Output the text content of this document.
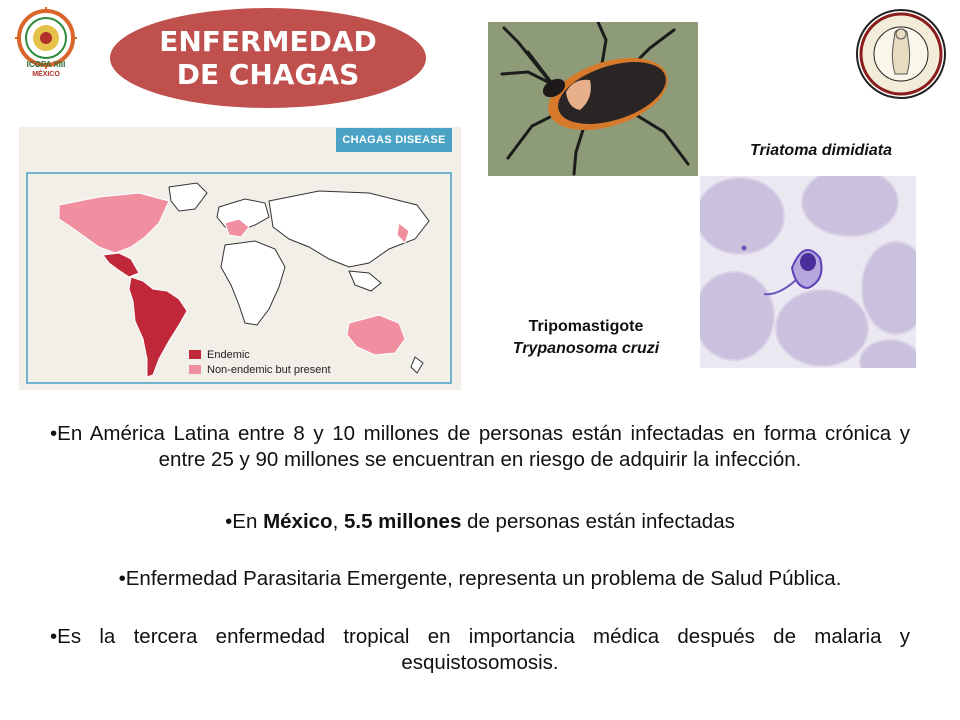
ICOPA XIII
MÉXICO
ENFERMEDAD
DE CHAGAS
Endemic
Non-endemic but present
CHAGAS DISEASE
Triatoma dimidiata
Tripomastigote
Trypanosoma cruzi
•En América Latina entre 8 y 10 millones de personas están infectadas en forma crónica y entre 25 y 90 millones se encuentran en riesgo de adquirir la infección.
•En México, 5.5 millones de personas están infectadas
•Enfermedad Parasitaria Emergente, representa un problema de Salud Pública.
•Es la tercera enfermedad tropical en importancia médica después de malaria y esquistosomosis.
